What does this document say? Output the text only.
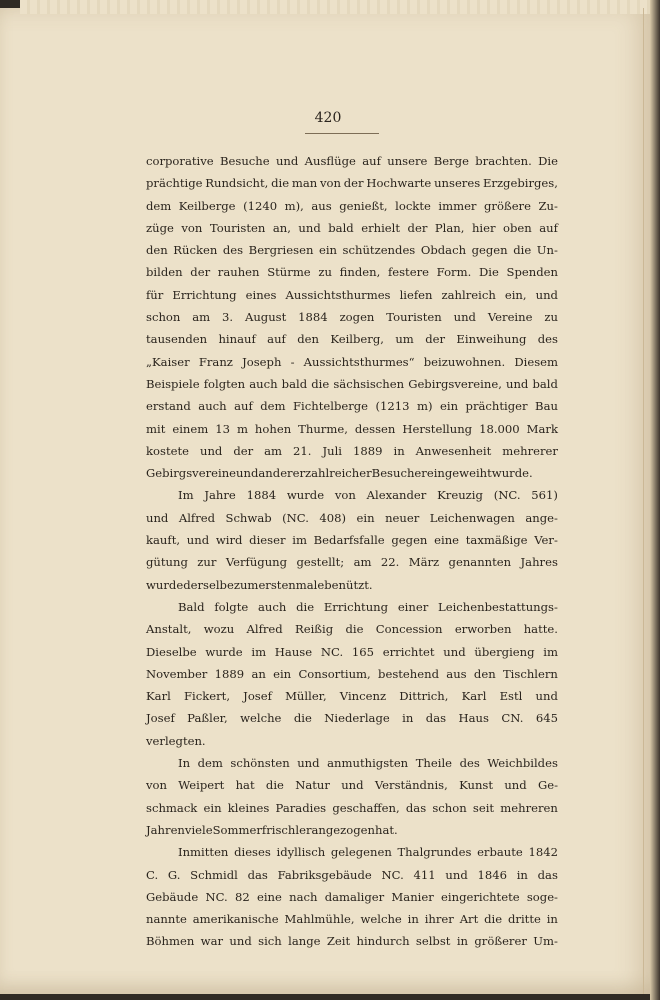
420
corporative Besuche und Ausflüge auf unsere Berge brachten. Die
prächtige Rundsicht, die man von der Hochwarte unseres Erzgebirges,
dem Keilberge (1240 m), aus genießt, lockte immer größere Zu-
züge von Touristen an, und bald erhielt der Plan, hier oben auf
den Rücken des Bergriesen ein schützendes Obdach gegen die Un-
bilden der rauhen Stürme zu finden, festere Form. Die Spenden
für Errichtung eines Aussichtsthurmes liefen zahlreich ein, und
schon am 3. August 1884 zogen Touristen und Vereine zu
tausenden hinauf auf den Keilberg, um der Einweihung des
„Kaiser Franz Joseph - Aussichtsthurmes“ beizuwohnen. Diesem
Beispiele folgten auch bald die sächsischen Gebirgsvereine, und bald
erstand auch auf dem Fichtelberge (1213 m) ein prächtiger Bau
mit einem 13 m hohen Thurme, dessen Herstellung 18.000 Mark
kostete und der am 21. Juli 1889 in Anwesenheit mehrerer
Gebirgsvereine und anderer zahlreicher Besucher eingeweiht wurde.
Im Jahre 1884 wurde von Alexander Kreuzig (NC. 561)
und Alfred Schwab (NC. 408) ein neuer Leichenwagen ange-
kauft, und wird dieser im Bedarfsfalle gegen eine taxmäßige Ver-
gütung zur Verfügung gestellt; am 22. März genannten Jahres
wurde derselbe zum erstenmale benützt.
Bald folgte auch die Errichtung einer Leichenbestattungs-
Anstalt, wozu Alfred Reißig die Concession erworben hatte.
Dieselbe wurde im Hause NC. 165 errichtet und übergieng im
November 1889 an ein Consortium, bestehend aus den Tischlern
Karl Fickert, Josef Müller, Vincenz Dittrich, Karl Estl und
Josef Paßler, welche die Niederlage in das Haus CN. 645
verlegten.
In dem schönsten und anmuthigsten Theile des Weichbildes
von Weipert hat die Natur und Verständnis, Kunst und Ge-
schmack ein kleines Paradies geschaffen, das schon seit mehreren
Jahren viele Sommerfrischler angezogen hat.
Inmitten dieses idyllisch gelegenen Thalgrundes erbaute 1842
C. G. Schmidl das Fabriksgebäude NC. 411 und 1846 in das
Gebäude NC. 82 eine nach damaliger Manier eingerichtete soge-
nannte amerikanische Mahlmühle, welche in ihrer Art die dritte in
Böhmen war und sich lange Zeit hindurch selbst in größerer Um-
